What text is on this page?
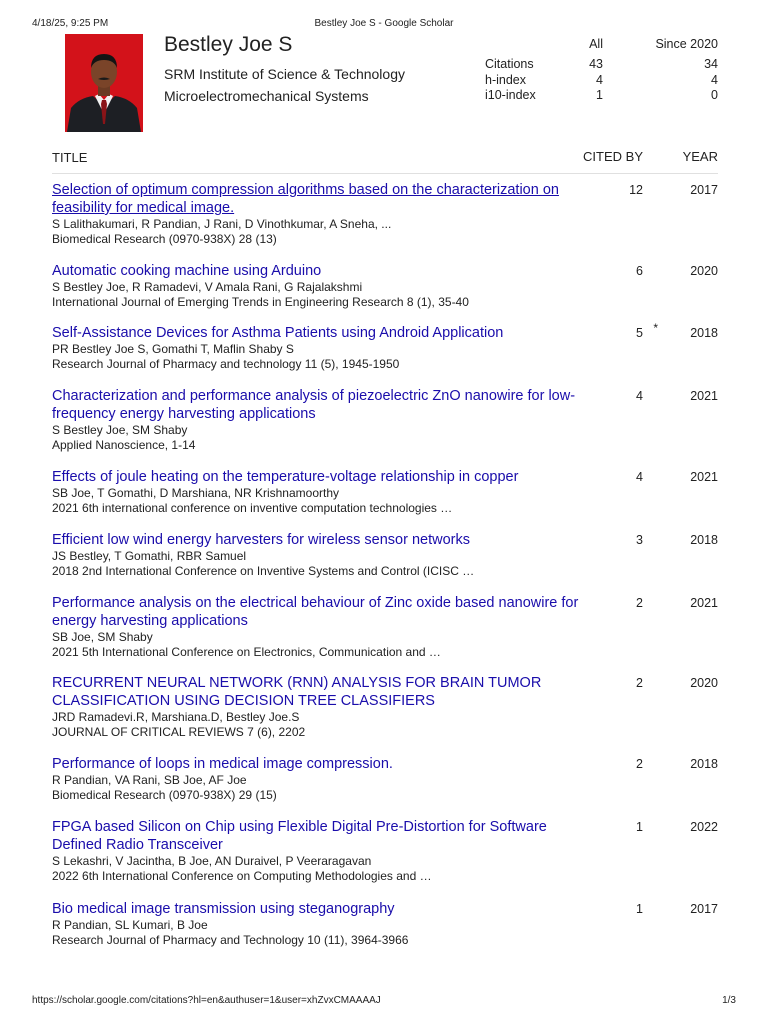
4/18/25, 9:25 PM	Bestley Joe S - Google Scholar
Bestley Joe S
SRM Institute of Science & Technology
Microelectromechanical Systems
All	Since 2020
Citations	43	34
h-index	4	4
i10-index	1	0
TITLE	CITED BY	YEAR
Selection of optimum compression algorithms based on the characterization on feasibility for medical image.
S Lalithakumari, R Pandian, J Rani, D Vinothkumar, A Sneha, ...
Biomedical Research (0970-938X) 28 (13)
12	2017
Automatic cooking machine using Arduino
S Bestley Joe, R Ramadevi, V Amala Rani, G Rajalakshmi
International Journal of Emerging Trends in Engineering Research 8 (1), 35-40
6	2020
Self-Assistance Devices for Asthma Patients using Android Application
PR Bestley Joe S, Gomathi T, Maflin Shaby S
Research Journal of Pharmacy and technology 11 (5), 1945-1950
5 *	2018
Characterization and performance analysis of piezoelectric ZnO nanowire for low-frequency energy harvesting applications
S Bestley Joe, SM Shaby
Applied Nanoscience, 1-14
4	2021
Effects of joule heating on the temperature-voltage relationship in copper
SB Joe, T Gomathi, D Marshiana, NR Krishnamoorthy
2021 6th international conference on inventive computation technologies …
4	2021
Efficient low wind energy harvesters for wireless sensor networks
JS Bestley, T Gomathi, RBR Samuel
2018 2nd International Conference on Inventive Systems and Control (ICISC …
3	2018
Performance analysis on the electrical behaviour of Zinc oxide based nanowire for energy harvesting applications
SB Joe, SM Shaby
2021 5th International Conference on Electronics, Communication and …
2	2021
RECURRENT NEURAL NETWORK (RNN) ANALYSIS FOR BRAIN TUMOR CLASSIFICATION USING DECISION TREE CLASSIFIERS
JRD Ramadevi.R, Marshiana.D, Bestley Joe.S
JOURNAL OF CRITICAL REVIEWS 7 (6), 2202
2	2020
Performance of loops in medical image compression.
R Pandian, VA Rani, SB Joe, AF Joe
Biomedical Research (0970-938X) 29 (15)
2	2018
FPGA based Silicon on Chip using Flexible Digital Pre-Distortion for Software Defined Radio Transceiver
S Lekashri, V Jacintha, B Joe, AN Duraivel, P Veeraragavan
2022 6th International Conference on Computing Methodologies and …
1	2022
Bio medical image transmission using steganography
R Pandian, SL Kumari, B Joe
Research Journal of Pharmacy and Technology 10 (11), 3964-3966
1	2017
https://scholar.google.com/citations?hl=en&authuser=1&user=xhZvxCMAAAAJ	1/3
